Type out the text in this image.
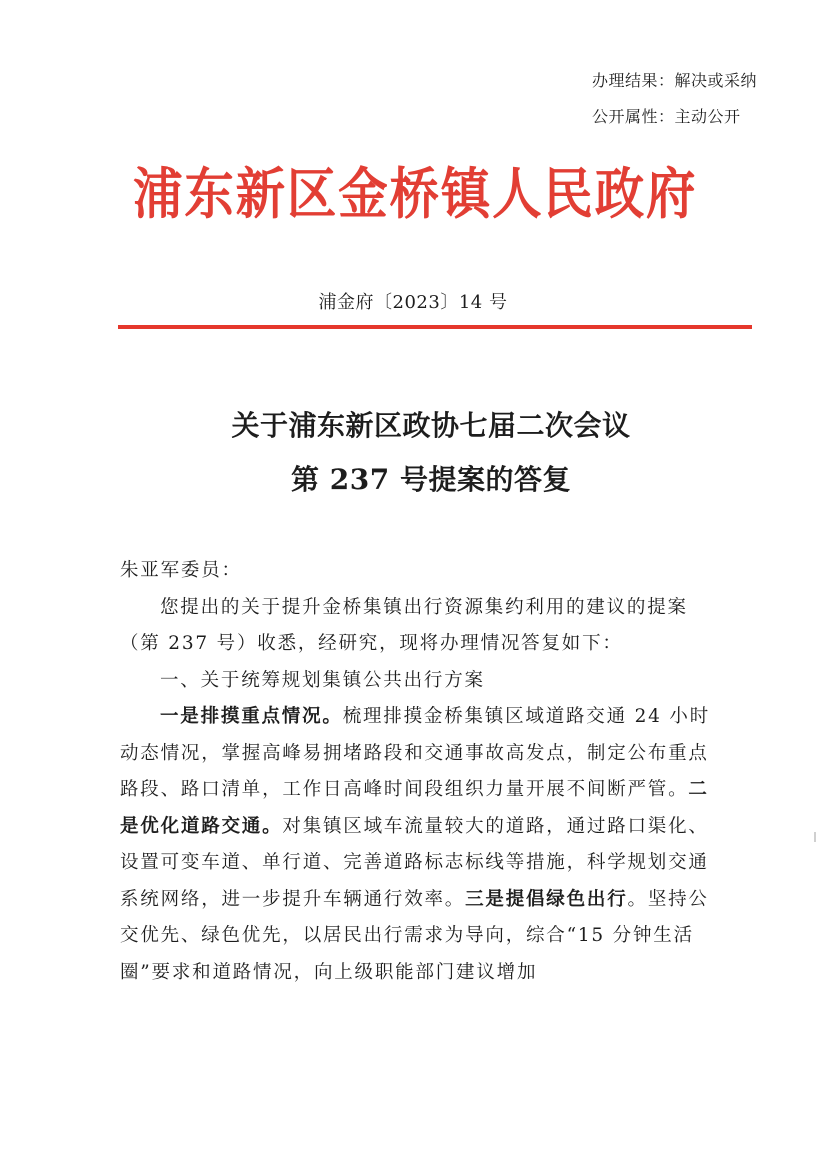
办理结果：解决或采纳
公开属性：主动公开
浦东新区金桥镇人民政府
浦金府〔2023〕14 号
关于浦东新区政协七届二次会议
第 237 号提案的答复

朱亚军委员：

您提出的关于提升金桥集镇出行资源集约利用的建议的提案（第 237 号）收悉，经研究，现将办理情况答复如下：

一、关于统筹规划集镇公共出行方案

一是排摸重点情况。梳理排摸金桥集镇区域道路交通 24 小时动态情况，掌握高峰易拥堵路段和交通事故高发点，制定公布重点路段、路口清单，工作日高峰时间段组织力量开展不间断严管。二是优化道路交通。对集镇区域车流量较大的道路，通过路口渠化、设置可变车道、单行道、完善道路标志标线等措施，科学规划交通系统网络，进一步提升车辆通行效率。三是提倡绿色出行。坚持公交优先、绿色优先，以居民出行需求为导向，综合“15 分钟生活圈”要求和道路情况，向上级职能部门建议增加
